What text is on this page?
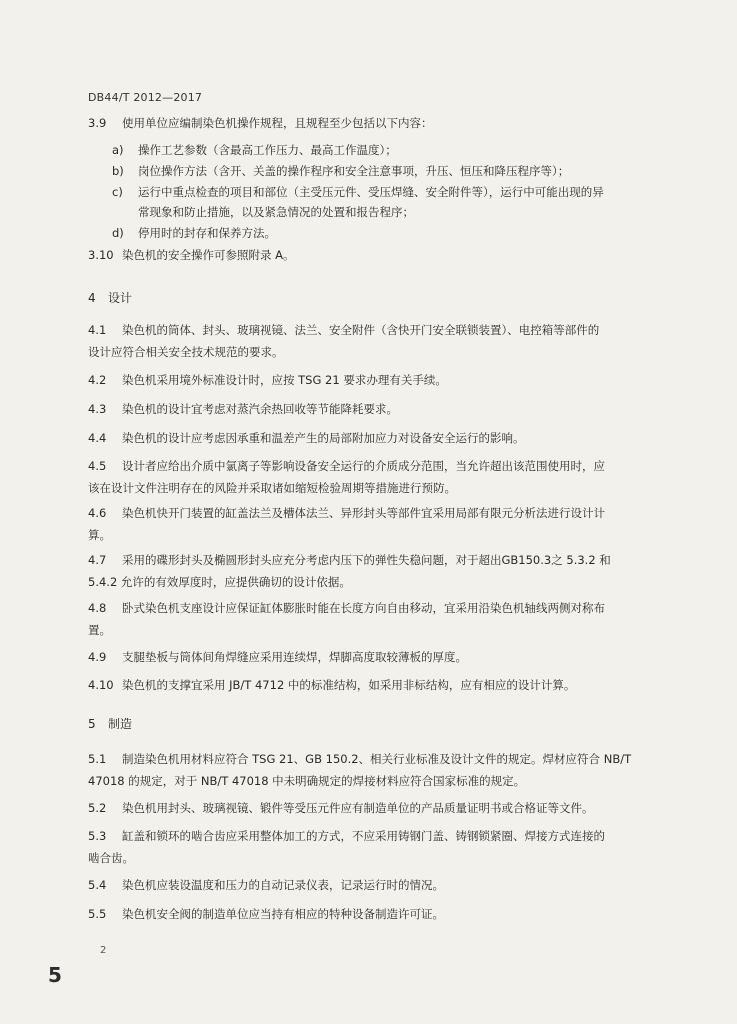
DB44/T 2012—2017
3.9 使用单位应编制染色机操作规程，且规程至少包括以下内容：
a) 操作工艺参数（含最高工作压力、最高工作温度）；
b) 岗位操作方法（含开、关盖的操作程序和安全注意事项，升压、恒压和降压程序等）；
c) 运行中重点检查的项目和部位（主受压元件、受压焊缝、安全附件等），运行中可能出现的异
常现象和防止措施，以及紧急情况的处置和报告程序；
d) 停用时的封存和保养方法。
3.10 染色机的安全操作可参照附录 A。
4 设计
4.1 染色机的筒体、封头、玻璃视镜、法兰、安全附件（含快开门安全联锁装置）、电控箱等部件的
设计应符合相关安全技术规范的要求。
4.2 染色机采用境外标准设计时，应按 TSG 21 要求办理有关手续。
4.3 染色机的设计宜考虑对蒸汽余热回收等节能降耗要求。
4.4 染色机的设计应考虑因承重和温差产生的局部附加应力对设备安全运行的影响。
4.5 设计者应给出介质中氯离子等影响设备安全运行的介质成分范围，当允许超出该范围使用时，应
该在设计文件注明存在的风险并采取诸如缩短检验周期等措施进行预防。
4.6 染色机快开门装置的缸盖法兰及槽体法兰、异形封头等部件宜采用局部有限元分析法进行设计计
算。
4.7 采用的碟形封头及椭圆形封头应充分考虑内压下的弹性失稳问题，对于超出GB150.3之 5.3.2 和
5.4.2 允许的有效厚度时，应提供确切的设计依据。
4.8 卧式染色机支座设计应保证缸体膨胀时能在长度方向自由移动，宜采用沿染色机轴线两侧对称布
置。
4.9 支腿垫板与筒体间角焊缝应采用连续焊，焊脚高度取较薄板的厚度。
4.10 染色机的支撑宜采用 JB/T 4712 中的标准结构，如采用非标结构，应有相应的设计计算。
5 制造
5.1 制造染色机用材料应符合 TSG 21、GB 150.2、相关行业标准及设计文件的规定。焊材应符合 NB/T
47018 的规定，对于 NB/T 47018 中未明确规定的焊接材料应符合国家标准的规定。
5.2 染色机用封头、玻璃视镜、锻件等受压元件应有制造单位的产品质量证明书或合格证等文件。
5.3 缸盖和锁环的啮合齿应采用整体加工的方式，不应采用铸钢门盖、铸钢锁紧圈、焊接方式连接的
啮合齿。
5.4 染色机应装设温度和压力的自动记录仪表，记录运行时的情况。
5.5 染色机安全阀的制造单位应当持有相应的特种设备制造许可证。
2
5
